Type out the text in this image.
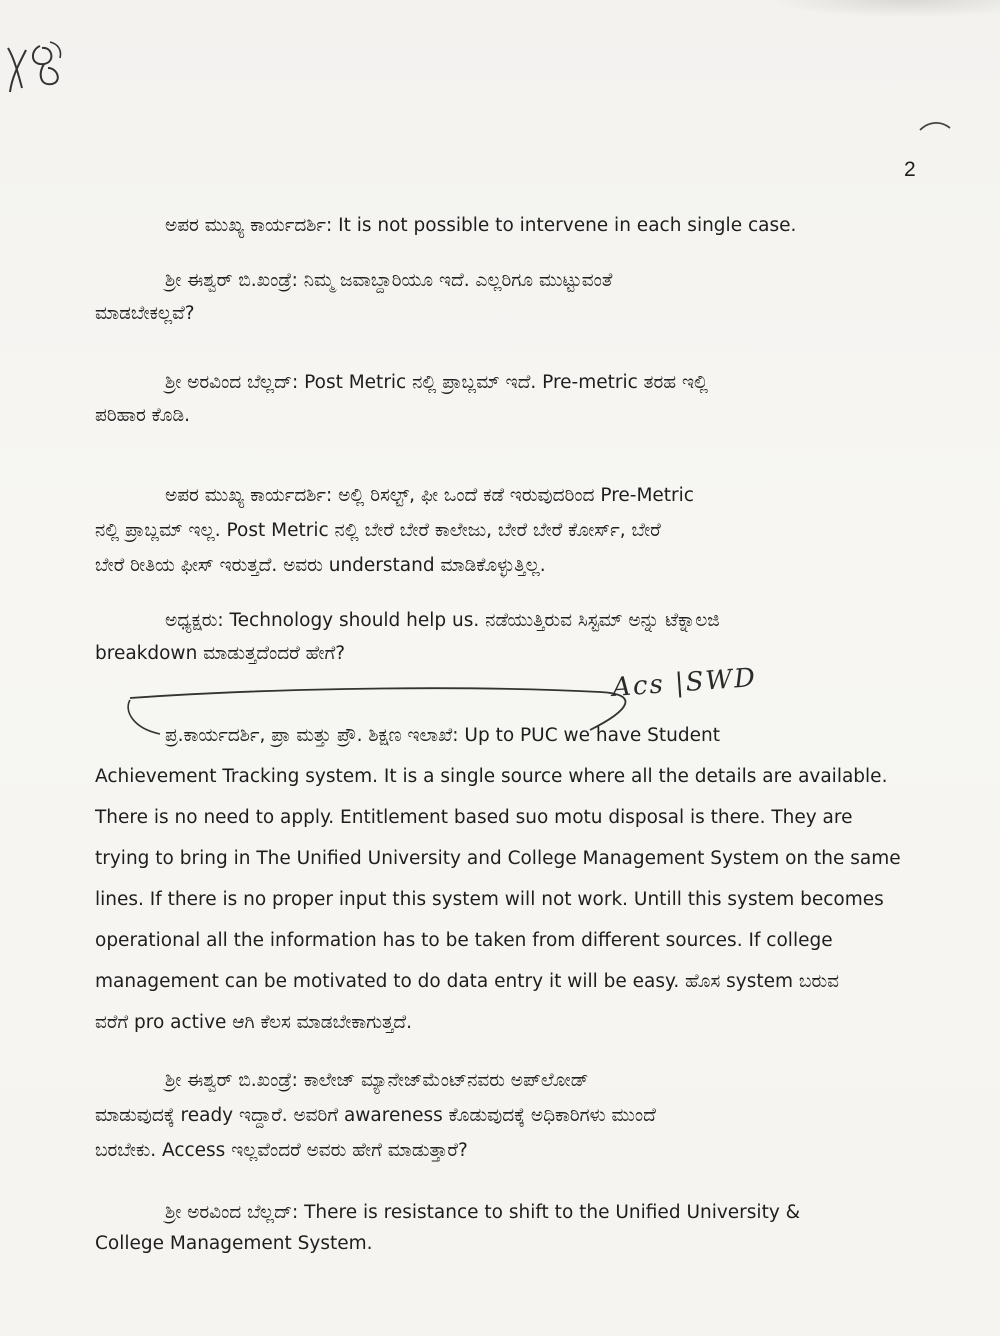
2

ಅಪರ ಮುಖ್ಯ ಕಾರ್ಯದರ್ಶಿ: It is not possible to intervene in each single case.

ಶ್ರೀ ಈಶ್ವರ್ ಬಿ.ಖಂಡ್ರೆ: ನಿಮ್ಮ ಜವಾಬ್ದಾರಿಯೂ ಇದೆ. ಎಲ್ಲರಿಗೂ ಮುಟ್ಟುವಂತೆ
ಮಾಡಬೇಕಲ್ಲವೆ?

ಶ್ರೀ ಅರವಿಂದ ಬೆಲ್ಲದ್: Post Metric ನಲ್ಲಿ ಪ್ರಾಬ್ಲಮ್ ಇದೆ. Pre-metric ತರಹ ಇಲ್ಲಿ
ಪರಿಹಾರ ಕೊಡಿ.

ಅಪರ ಮುಖ್ಯ ಕಾರ್ಯದರ್ಶಿ: ಅಲ್ಲಿ ರಿಸಲ್ಟ್, ಫೀ ಒಂದೆ ಕಡೆ ಇರುವುದರಿಂದ Pre-Metric
ನಲ್ಲಿ ಪ್ರಾಬ್ಲಮ್ ಇಲ್ಲ. Post Metric ನಲ್ಲಿ ಬೇರೆ ಬೇರೆ ಕಾಲೇಜು, ಬೇರೆ ಬೇರೆ ಕೋರ್ಸ್, ಬೇರೆ
ಬೇರೆ ರೀತಿಯ ಫೀಸ್ ಇರುತ್ತದೆ. ಅವರು understand ಮಾಡಿಕೊಳ್ಳುತ್ತಿಲ್ಲ.

ಅಧ್ಯಕ್ಷರು: Technology should help us. ನಡೆಯುತ್ತಿರುವ ಸಿಸ್ಟಮ್ ಅನ್ನು ಟೆಕ್ನಾಲಜಿ
breakdown ಮಾಡುತ್ತದೆಂದರೆ ಹೇಗೆ?

Acs |SWD

ಪ್ರ.ಕಾರ್ಯದರ್ಶಿ, ಪ್ರಾ ಮತ್ತು ಪ್ರೌ. ಶಿಕ್ಷಣ ಇಲಾಖೆ: Up to PUC we have Student
Achievement Tracking system. It is a single source where all the details are available.
There is no need to apply. Entitlement based suo motu disposal is there. They are
trying to bring in The Unified University and College Management System on the same
lines. If there is no proper input this system will not work. Untill this system becomes
operational all the information has to be taken from different sources. If college
management can be motivated to do data entry it will be easy. ಹೊಸ system ಬರುವ
ವರೆಗೆ pro active ಆಗಿ ಕೆಲಸ ಮಾಡಬೇಕಾಗುತ್ತದೆ.

ಶ್ರೀ ಈಶ್ವರ್ ಬಿ.ಖಂಡ್ರೆ: ಕಾಲೇಜ್ ಮ್ಯಾನೇಜ್‌ಮೆಂಟ್‌ನವರು ಅಪ್‌ಲೋಡ್
ಮಾಡುವುದಕ್ಕೆ ready ಇದ್ದಾರೆ. ಅವರಿಗೆ awareness ಕೊಡುವುದಕ್ಕೆ ಅಧಿಕಾರಿಗಳು ಮುಂದೆ
ಬರಬೇಕು. Access ಇಲ್ಲವೆಂದರೆ ಅವರು ಹೇಗೆ ಮಾಡುತ್ತಾರೆ?

ಶ್ರೀ ಅರವಿಂದ ಬೆಲ್ಲದ್: There is resistance to shift to the Unified University &
College Management System.
